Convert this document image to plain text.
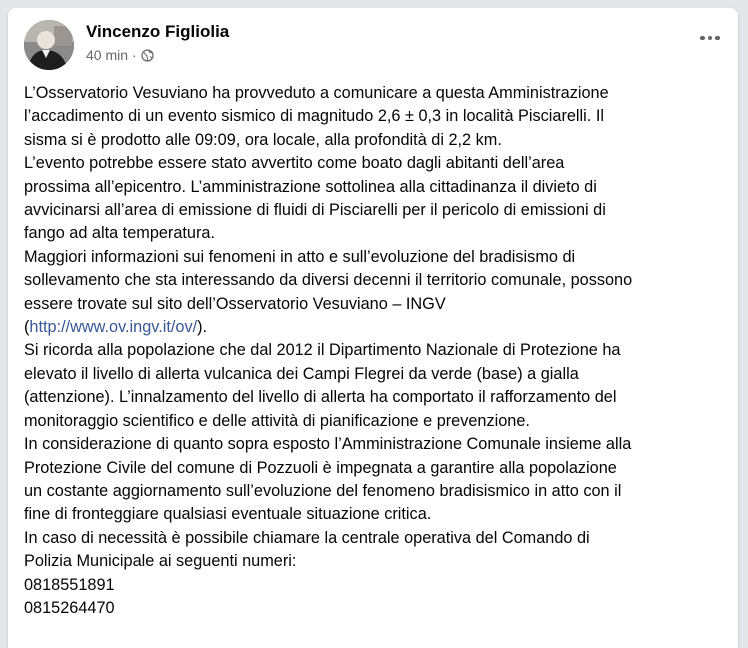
Vincenzo Figliolia
40 min ·

L’Osservatorio Vesuviano ha provveduto a comunicare a questa Amministrazione
l’accadimento di un evento sismico di magnitudo 2,6 ± 0,3 in località Pisciarelli. Il
sisma si è prodotto alle 09:09, ora locale, alla profondità di 2,2 km.

L’evento potrebbe essere stato avvertito come boato dagli abitanti dell’area
prossima all’epicentro. L’amministrazione sottolinea alla cittadinanza il divieto di
avvicinarsi all’area di emissione di fluidi di Pisciarelli per il pericolo di emissioni di
fango ad alta temperatura.

Maggiori informazioni sui fenomeni in atto e sull’evoluzione del bradisismo di
sollevamento che sta interessando da diversi decenni il territorio comunale, possono
essere trovate sul sito dell’Osservatorio Vesuviano – INGV

(http://www.ov.ingv.it/ov/).

Si ricorda alla popolazione che dal 2012 il Dipartimento Nazionale di Protezione ha
elevato il livello di allerta vulcanica dei Campi Flegrei da verde (base) a gialla
(attenzione). L’innalzamento del livello di allerta ha comportato il rafforzamento del
monitoraggio scientifico e delle attività di pianificazione e prevenzione.

In considerazione di quanto sopra esposto l’Amministrazione Comunale insieme alla
Protezione Civile del comune di Pozzuoli è impegnata a garantire alla popolazione
un costante aggiornamento sull’evoluzione del fenomeno bradisismico in atto con il
fine di fronteggiare qualsiasi eventuale situazione critica.

In caso di necessità è possibile chiamare la centrale operativa del Comando di
Polizia Municipale ai seguenti numeri:

0818551891

0815264470
